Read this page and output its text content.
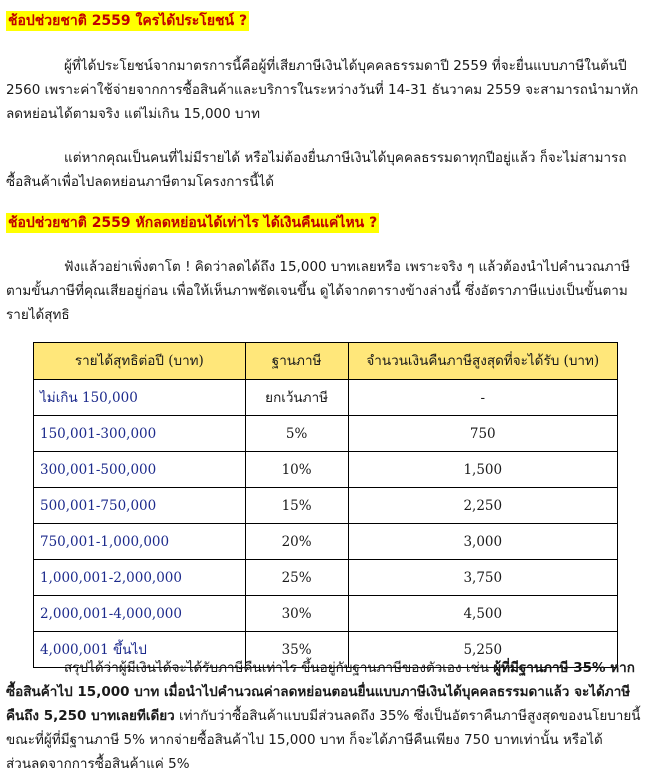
ช้อปช่วยชาติ 2559 ใครได้ประโยชน์ ?

ผู้ที่ได้ประโยชน์จากมาตรการนี้คือผู้ที่เสียภาษีเงินได้บุคคลธรรมดาปี 2559 ที่จะยื่นแบบภาษีในต้นปี 2560 เพราะค่าใช้จ่ายจากการซื้อสินค้าและบริการในระหว่างวันที่ 14-31 ธันวาคม 2559 จะสามารถนำมาหักลดหย่อนได้ตามจริง แต่ไม่เกิน 15,000 บาท

แต่หากคุณเป็นคนที่ไม่มีรายได้ หรือไม่ต้องยื่นภาษีเงินได้บุคคลธรรมดาทุกปีอยู่แล้ว ก็จะไม่สามารถซื้อสินค้าเพื่อไปลดหย่อนภาษีตามโครงการนี้ได้

ช้อปช่วยชาติ 2559 หักลดหย่อนได้เท่าไร ได้เงินคืนแค่ไหน ?

ฟังแล้วอย่าเพิ่งตาโต ! คิดว่าลดได้ถึง 15,000 บาทเลยหรือ เพราะจริง ๆ แล้วต้องนำไปคำนวณภาษีตามขั้นภาษีที่คุณเสียอยู่ก่อน เพื่อให้เห็นภาพชัดเจนขึ้น ดูได้จากตารางข้างล่างนี้ ซึ่งอัตราภาษีแบ่งเป็นขั้นตามรายได้สุทธิ

รายได้สุทธิต่อปี (บาท)	ฐานภาษี	จำนวนเงินคืนภาษีสูงสุดที่จะได้รับ (บาท)
ไม่เกิน 150,000	ยกเว้นภาษี	-
150,001-300,000	5%	750
300,001-500,000	10%	1,500
500,001-750,000	15%	2,250
750,001-1,000,000	20%	3,000
1,000,001-2,000,000	25%	3,750
2,000,001-4,000,000	30%	4,500
4,000,001 ขึ้นไป	35%	5,250

สรุปได้ว่าผู้มีเงินได้จะได้รับภาษีคืนเท่าไร ขึ้นอยู่กับฐานภาษีของตัวเอง เช่น ผู้ที่มีฐานภาษี 35% หากซื้อสินค้าไป 15,000 บาท เมื่อนำไปคำนวณค่าลดหย่อนตอนยื่นแบบภาษีเงินได้บุคคลธรรมดาแล้ว จะได้ภาษีคืนถึง 5,250 บาทเลยทีเดียว เท่ากับว่าซื้อสินค้าแบบมีส่วนลดถึง 35% ซึ่งเป็นอัตราคืนภาษีสูงสุดของนโยบายนี้ ขณะที่ผู้ที่มีฐานภาษี 5% หากจ่ายซื้อสินค้าไป 15,000 บาท ก็จะได้ภาษีคืนเพียง 750 บาทเท่านั้น หรือได้ส่วนลดจากการซื้อสินค้าแค่ 5%
